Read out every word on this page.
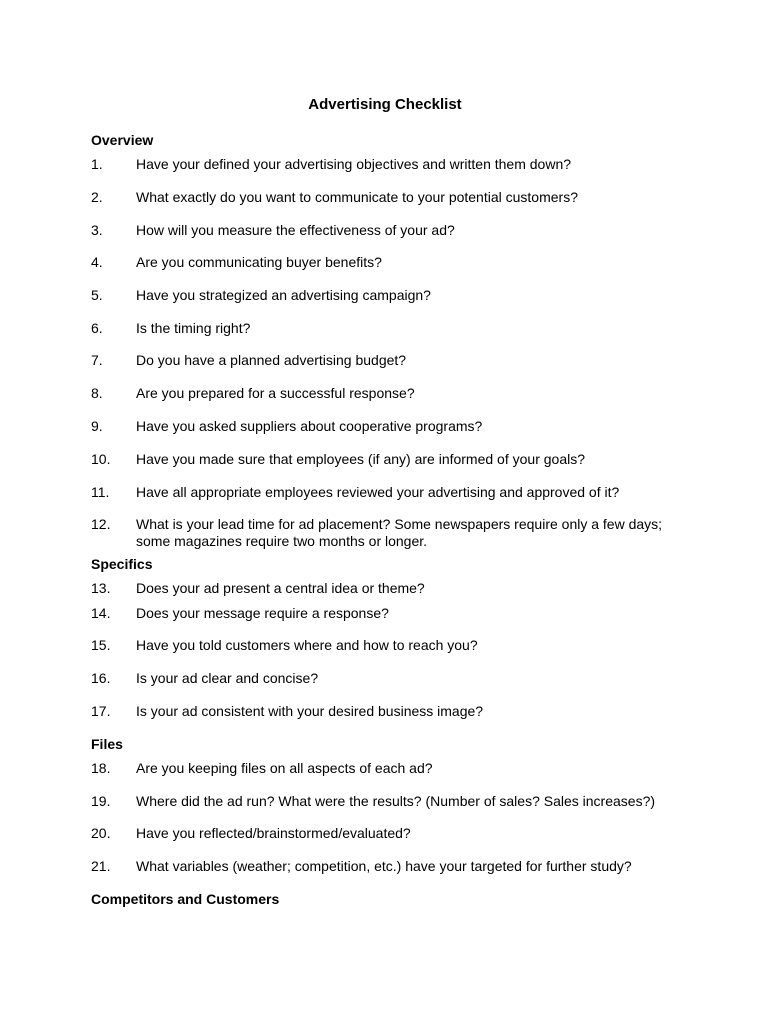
Advertising Checklist
Overview
1. Have your defined your advertising objectives and written them down?
2. What exactly do you want to communicate to your potential customers?
3. How will you measure the effectiveness of your ad?
4. Are you communicating buyer benefits?
5. Have you strategized an advertising campaign?
6. Is the timing right?
7. Do you have a planned advertising budget?
8. Are you prepared for a successful response?
9. Have you asked suppliers about cooperative programs?
10. Have you made sure that employees (if any) are informed of your goals?
11. Have all appropriate employees reviewed your advertising and approved of it?
12. What is your lead time for ad placement? Some newspapers require only a few days; some magazines require two months or longer.
Specifics
13. Does your ad present a central idea or theme?
14. Does your message require a response?
15. Have you told customers where and how to reach you?
16. Is your ad clear and concise?
17. Is your ad consistent with your desired business image?
Files
18. Are you keeping files on all aspects of each ad?
19. Where did the ad run? What were the results? (Number of sales? Sales increases?)
20. Have you reflected/brainstormed/evaluated?
21. What variables (weather; competition, etc.) have your targeted for further study?
Competitors and Customers
